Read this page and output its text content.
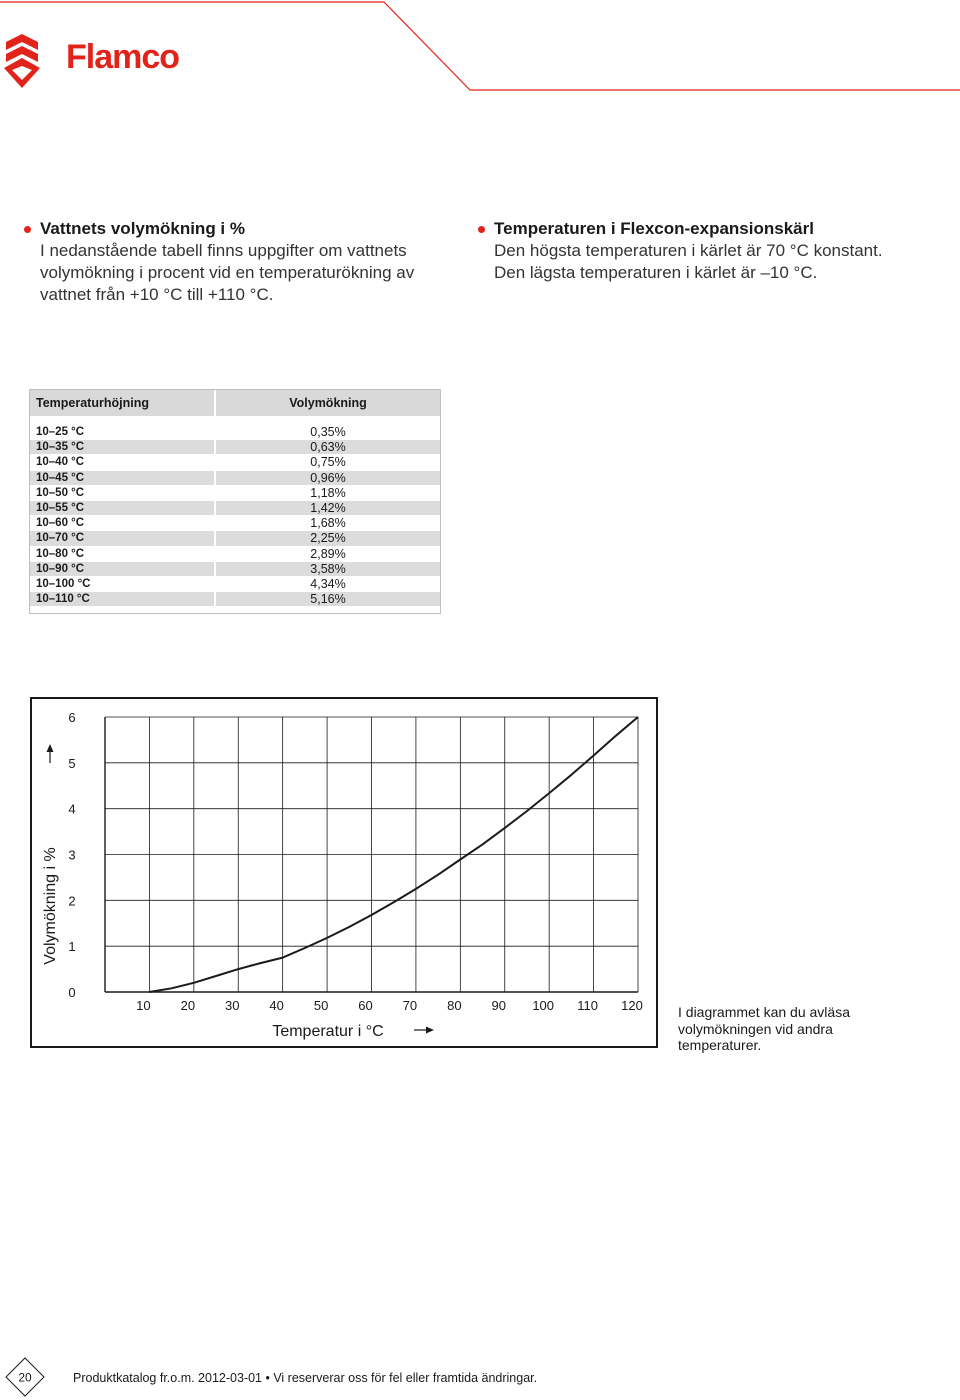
Flamco
Vattnets volymökning i %
I nedanstående tabell finns uppgifter om vattnets
volymökning i procent vid en temperaturökning av
vattnet från +10 °C till +110 °C.
Temperaturen i Flexcon-expansionskärl
Den högsta temperaturen i kärlet är 70 °C konstant.
Den lägsta temperaturen i kärlet är –10 °C.
Temperaturhöjning	Volymökning

10–25 °C	0,35%
10–35 °C	0,63%
10–40 °C	0,75%
10–45 °C	0,96%
10–50 °C	1,18%
10–55 °C	1,42%
10–60 °C	1,68%
10–70 °C	2,25%
10–80 °C	2,89%
10–90 °C	3,58%
10–100 °C	4,34%
10–110 °C	5,16%
0
1
2
3
4
5
6
10 20 30 40 50 60 70 80 90 100 110 120
Volymökning i %
Temperatur i °C
I diagrammet kan du avläsa volymökningen vid andra temperaturer.
20	Produktkatalog fr.o.m. 2012-03-01 • Vi reserverar oss för fel eller framtida ändringar.
